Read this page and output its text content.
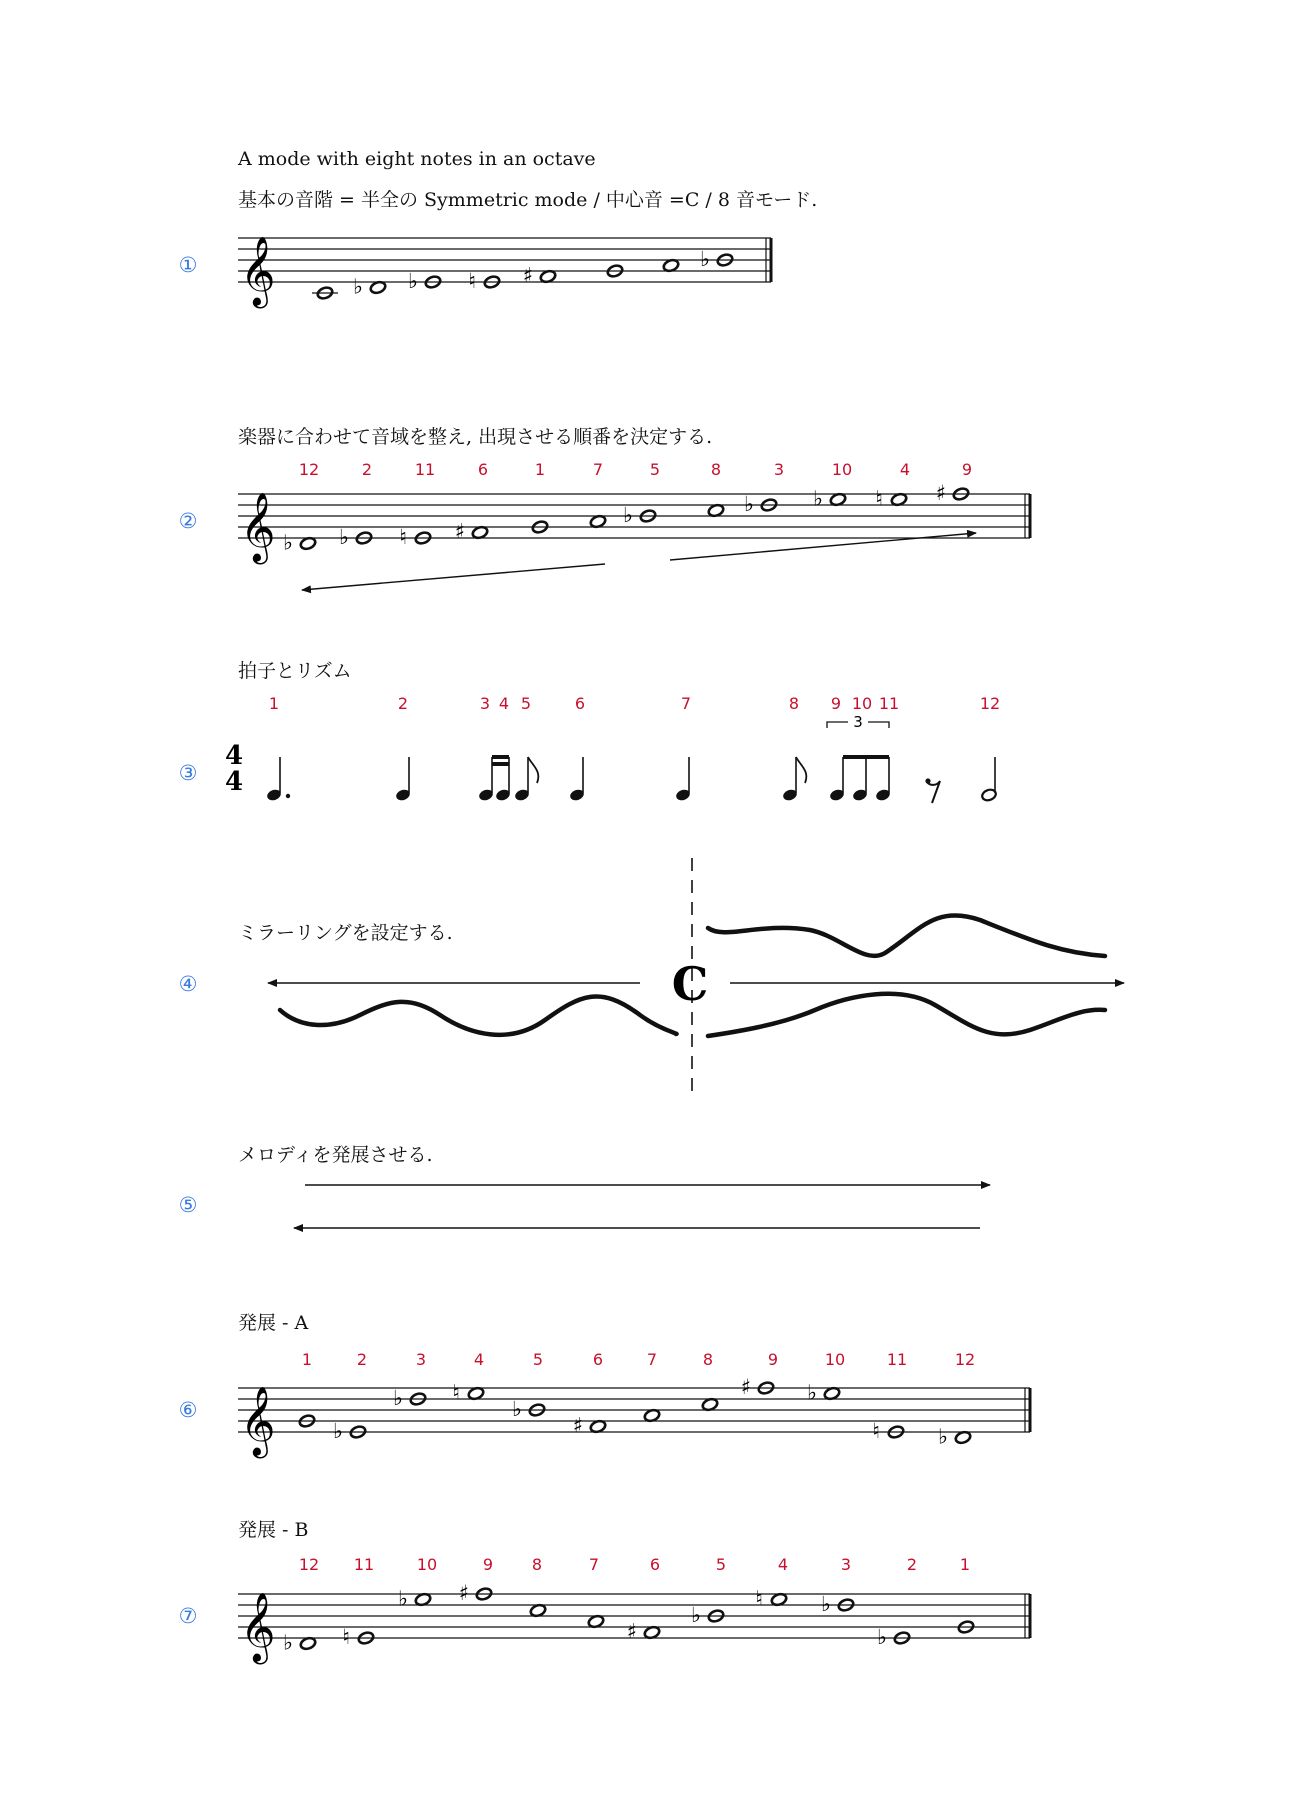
A mode with eight notes in an octave
基本の音階 = 半全の Symmetric mode / 中心音 =C / 8 音モード.
①
楽器に合わせて音域を整え, 出現させる順番を決定する.
②
拍子とリズム
③
ミラーリングを設定する.
④
メロディを発展させる.
⑤
発展 - A
⑥
発展 - B
⑦
12	2	11	6	1	7	5	8	3	10	4	9
1	2	3 4 5	6	7	8 9 10 11	12
1	2	3	4	5	6	7	8	9	10	11	12
12 11	10	9 8	7	6	5	4	3	2	1
𝄞	♭ ♭ ♮ ♯
♭
𝄞 ♭ ♭ ♮ ♯
♭	♭	♭ ♮	♯
𝄞	♭
♭ ♮
♭
♯
♯	♭
♮	♭
𝄞 ♭ ♮
♭ ♯
♯
♭
♮	♭
♭
4
4
3
C
